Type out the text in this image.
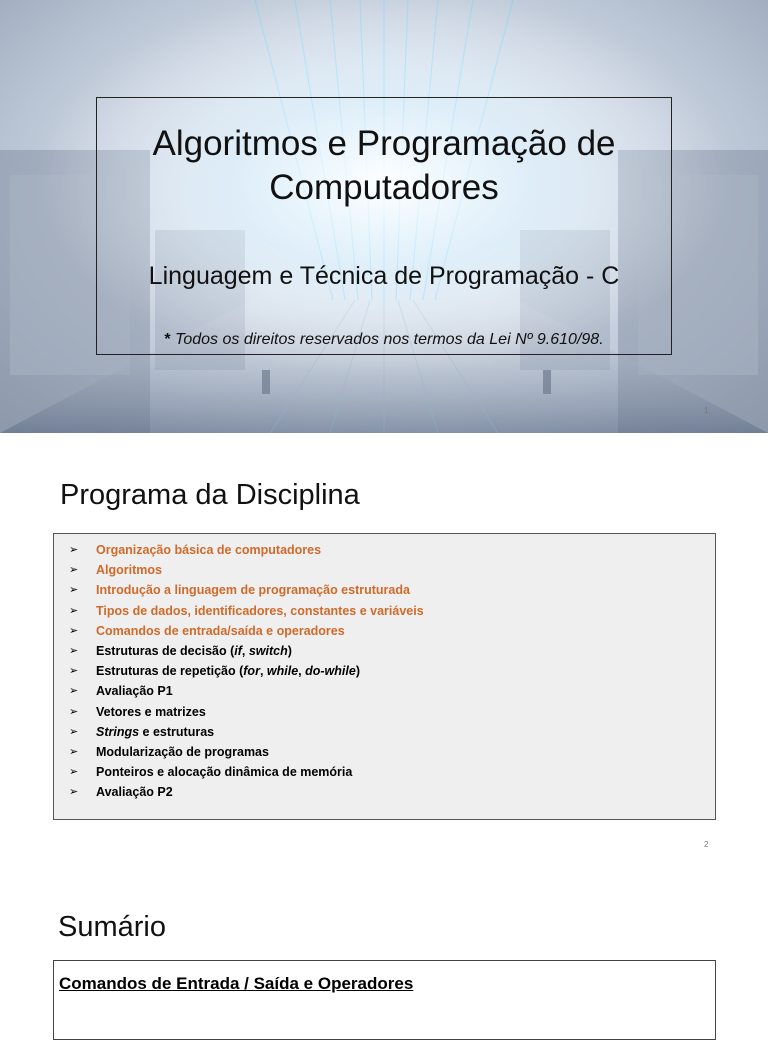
Algoritmos e Programação de Computadores
Linguagem e Técnica de Programação - C
* Todos os direitos reservados nos termos da Lei Nº 9.610/98.
1
Programa da Disciplina
➢ Organização básica de computadores
➢ Algoritmos
➢ Introdução a linguagem de programação estruturada
➢ Tipos de dados, identificadores, constantes e variáveis
➢ Comandos de entrada/saída e operadores
➢ Estruturas de decisão (if, switch)
➢ Estruturas de repetição (for, while, do-while)
➢ Avaliação P1
➢ Vetores e matrizes
➢ Strings e estruturas
➢ Modularização de programas
➢ Ponteiros e alocação dinâmica de memória
➢ Avaliação P2
2
Sumário
Comandos de Entrada / Saída e Operadores
